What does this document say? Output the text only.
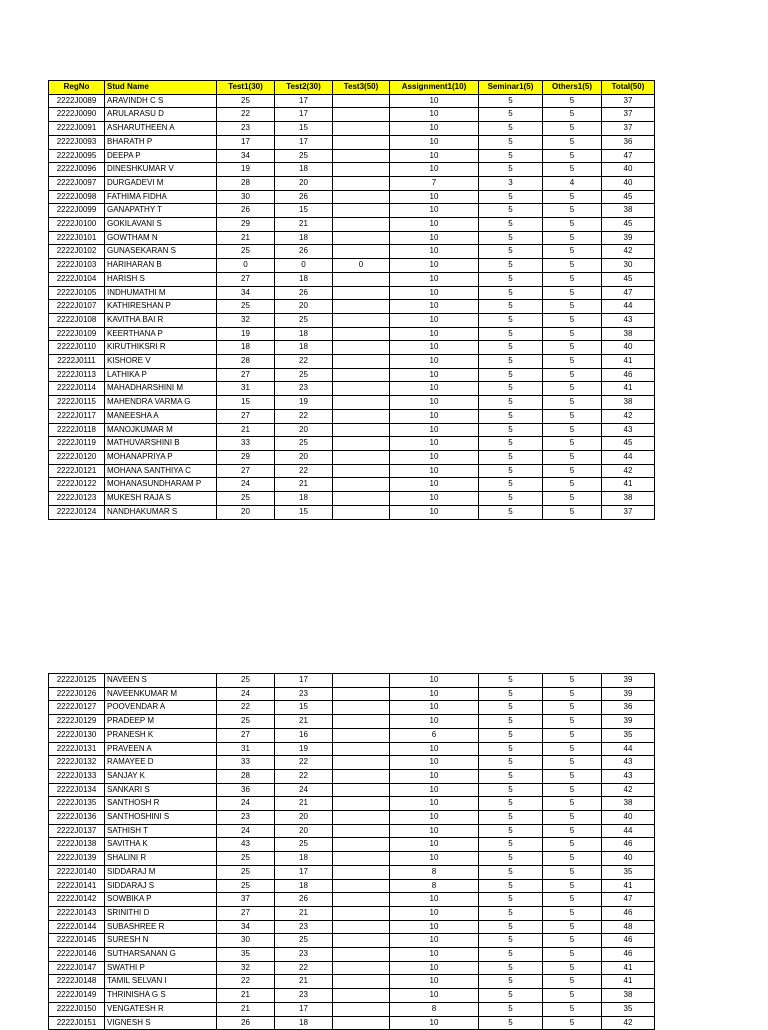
RegNo	Stud Name	Test1(30)	Test2(30)	Test3(50)	Assignment1(10)	Seminar1(5)	Others1(5)	Total(50)
2222J0089	ARAVINDH C S	25	17		10	5	5	37
2222J0090	ARULARASU D	22	17		10	5	5	37
2222J0091	ASHARUTHEEN A	23	15		10	5	5	37
2222J0093	BHARATH P	17	17		10	5	5	36
2222J0095	DEEPA P	34	25		10	5	5	47
2222J0096	DINESHKUMAR V	19	18		10	5	5	40
2222J0097	DURGADEVI M	28	20		7	3	4	40
2222J0098	FATHIMA FIDHA	30	26		10	5	5	45
2222J0099	GANAPATHY T	26	15		10	5	5	38
2222J0100	GOKILAVANI S	29	21		10	5	5	45
2222J0101	GOWTHAM N	21	18		10	5	5	39
2222J0102	GUNASEKARAN S	25	26		10	5	5	42
2222J0103	HARIHARAN B	0	0	0	10	5	5	30
2222J0104	HARISH S	27	18		10	5	5	45
2222J0105	INDHUMATHI M	34	26		10	5	5	47
2222J0107	KATHIRESHAN P	25	20		10	5	5	44
2222J0108	KAVITHA BAI R	32	25		10	5	5	43
2222J0109	KEERTHANA P	19	18		10	5	5	38
2222J0110	KIRUTHIKSRI R	18	18		10	5	5	40
2222J0111	KISHORE V	28	22		10	5	5	41
2222J0113	LATHIKA P	27	25		10	5	5	46
2222J0114	MAHADHARSHINI M	31	23		10	5	5	41
2222J0115	MAHENDRA VARMA G	15	19		10	5	5	38
2222J0117	MANEESHA A	27	22		10	5	5	42
2222J0118	MANOJKUMAR M	21	20		10	5	5	43
2222J0119	MATHUVARSHINI B	33	25		10	5	5	45
2222J0120	MOHANAPRIYA P	29	20		10	5	5	44
2222J0121	MOHANA SANTHIYA C	27	22		10	5	5	42
2222J0122	MOHANASUNDHARAM P	24	21		10	5	5	41
2222J0123	MUKESH RAJA S	25	18		10	5	5	38
2222J0124	NANDHAKUMAR S	20	15		10	5	5	37
2222J0125	NAVEEN S	25	17		10	5	5	39
2222J0126	NAVEENKUMAR M	24	23		10	5	5	39
2222J0127	POOVENDAR A	22	15		10	5	5	36
2222J0129	PRADEEP M	25	21		10	5	5	39
2222J0130	PRANESH K	27	16		6	5	5	35
2222J0131	PRAVEEN A	31	19		10	5	5	44
2222J0132	RAMAYEE D	33	22		10	5	5	43
2222J0133	SANJAY K	28	22		10	5	5	43
2222J0134	SANKARI S	36	24		10	5	5	42
2222J0135	SANTHOSH R	24	21		10	5	5	38
2222J0136	SANTHOSHINI S	23	20		10	5	5	40
2222J0137	SATHISH T	24	20		10	5	5	44
2222J0138	SAVITHA K	43	25		10	5	5	46
2222J0139	SHALINI R	25	18		10	5	5	40
2222J0140	SIDDARAJ M	25	17		8	5	5	35
2222J0141	SIDDARAJ S	25	18		8	5	5	41
2222J0142	SOWBIKA P	37	26		10	5	5	47
2222J0143	SRINITHI D	27	21		10	5	5	46
2222J0144	SUBASHREE R	34	23		10	5	5	48
2222J0145	SURESH N	30	25		10	5	5	46
2222J0146	SUTHARSANAN G	35	23		10	5	5	46
2222J0147	SWATHI P	32	22		10	5	5	41
2222J0148	TAMIL SELVAN I	22	21		10	5	5	41
2222J0149	THRINISHA G S	21	23		10	5	5	38
2222J0150	VENGATESH R	21	17		8	5	5	35
2222J0151	VIGNESH S	26	18		10	5	5	42
